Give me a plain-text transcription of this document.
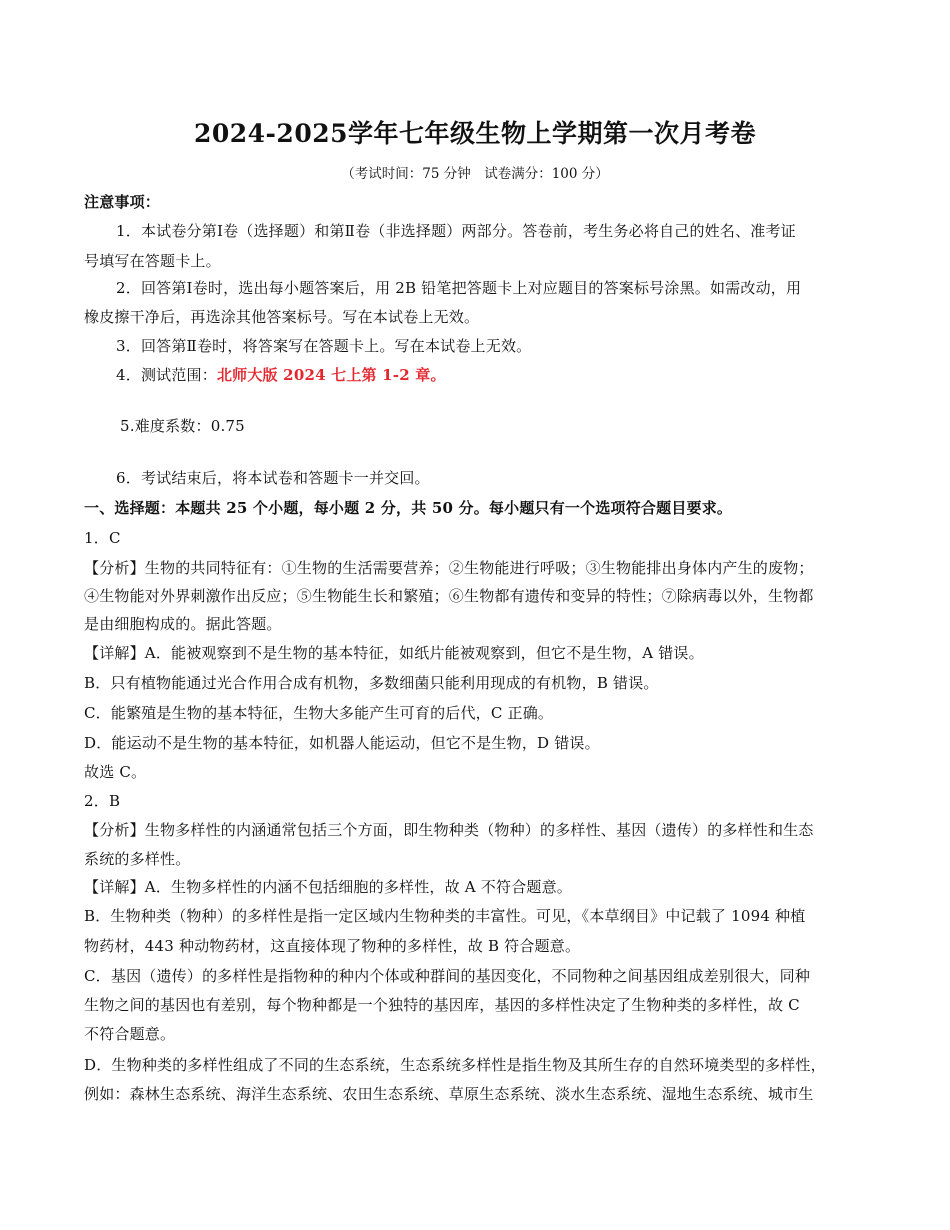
2024-2025学年七年级生物上学期第一次月考卷
（考试时间：75 分钟　试卷满分：100 分）
注意事项：
1．本试卷分第Ⅰ卷（选择题）和第Ⅱ卷（非选择题）两部分。答卷前，考生务必将自己的姓名、准考证
号填写在答题卡上。
2．回答第Ⅰ卷时，选出每小题答案后，用 2B 铅笔把答题卡上对应题目的答案标号涂黑。如需改动，用
橡皮擦干净后，再选涂其他答案标号。写在本试卷上无效。
3．回答第Ⅱ卷时，将答案写在答题卡上。写在本试卷上无效。
4．测试范围：北师大版 2024 七上第 1-2 章。
5.难度系数：0.75
6．考试结束后，将本试卷和答题卡一并交回。
一、选择题：本题共 25 个小题，每小题 2 分，共 50 分。每小题只有一个选项符合题目要求。
1．C
【分析】生物的共同特征有：①生物的生活需要营养；②生物能进行呼吸；③生物能排出身体内产生的废物；
④生物能对外界刺激作出反应；⑤生物能生长和繁殖；⑥生物都有遗传和变异的特性；⑦除病毒以外，生物都
是由细胞构成的。据此答题。
【详解】A．能被观察到不是生物的基本特征，如纸片能被观察到，但它不是生物，A 错误。
B．只有植物能通过光合作用合成有机物，多数细菌只能利用现成的有机物，B 错误。
C．能繁殖是生物的基本特征，生物大多能产生可育的后代，C 正确。
D．能运动不是生物的基本特征，如机器人能运动，但它不是生物，D 错误。
故选 C。
2．B
【分析】生物多样性的内涵通常包括三个方面，即生物种类（物种）的多样性、基因（遗传）的多样性和生态
系统的多样性。
【详解】A．生物多样性的内涵不包括细胞的多样性，故 A 不符合题意。
B．生物种类（物种）的多样性是指一定区域内生物种类的丰富性。可见，《本草纲目》中记载了 1094 种植
物药材，443 种动物药材，这直接体现了物种的多样性，故 B 符合题意。
C．基因（遗传）的多样性是指物种的种内个体或种群间的基因变化，不同物种之间基因组成差别很大，同种
生物之间的基因也有差别，每个物种都是一个独特的基因库，基因的多样性决定了生物种类的多样性，故 C
不符合题意。
D．生物种类的多样性组成了不同的生态系统，生态系统多样性是指生物及其所生存的自然环境类型的多样性，
例如：森林生态系统、海洋生态系统、农田生态系统、草原生态系统、淡水生态系统、湿地生态系统、城市生
